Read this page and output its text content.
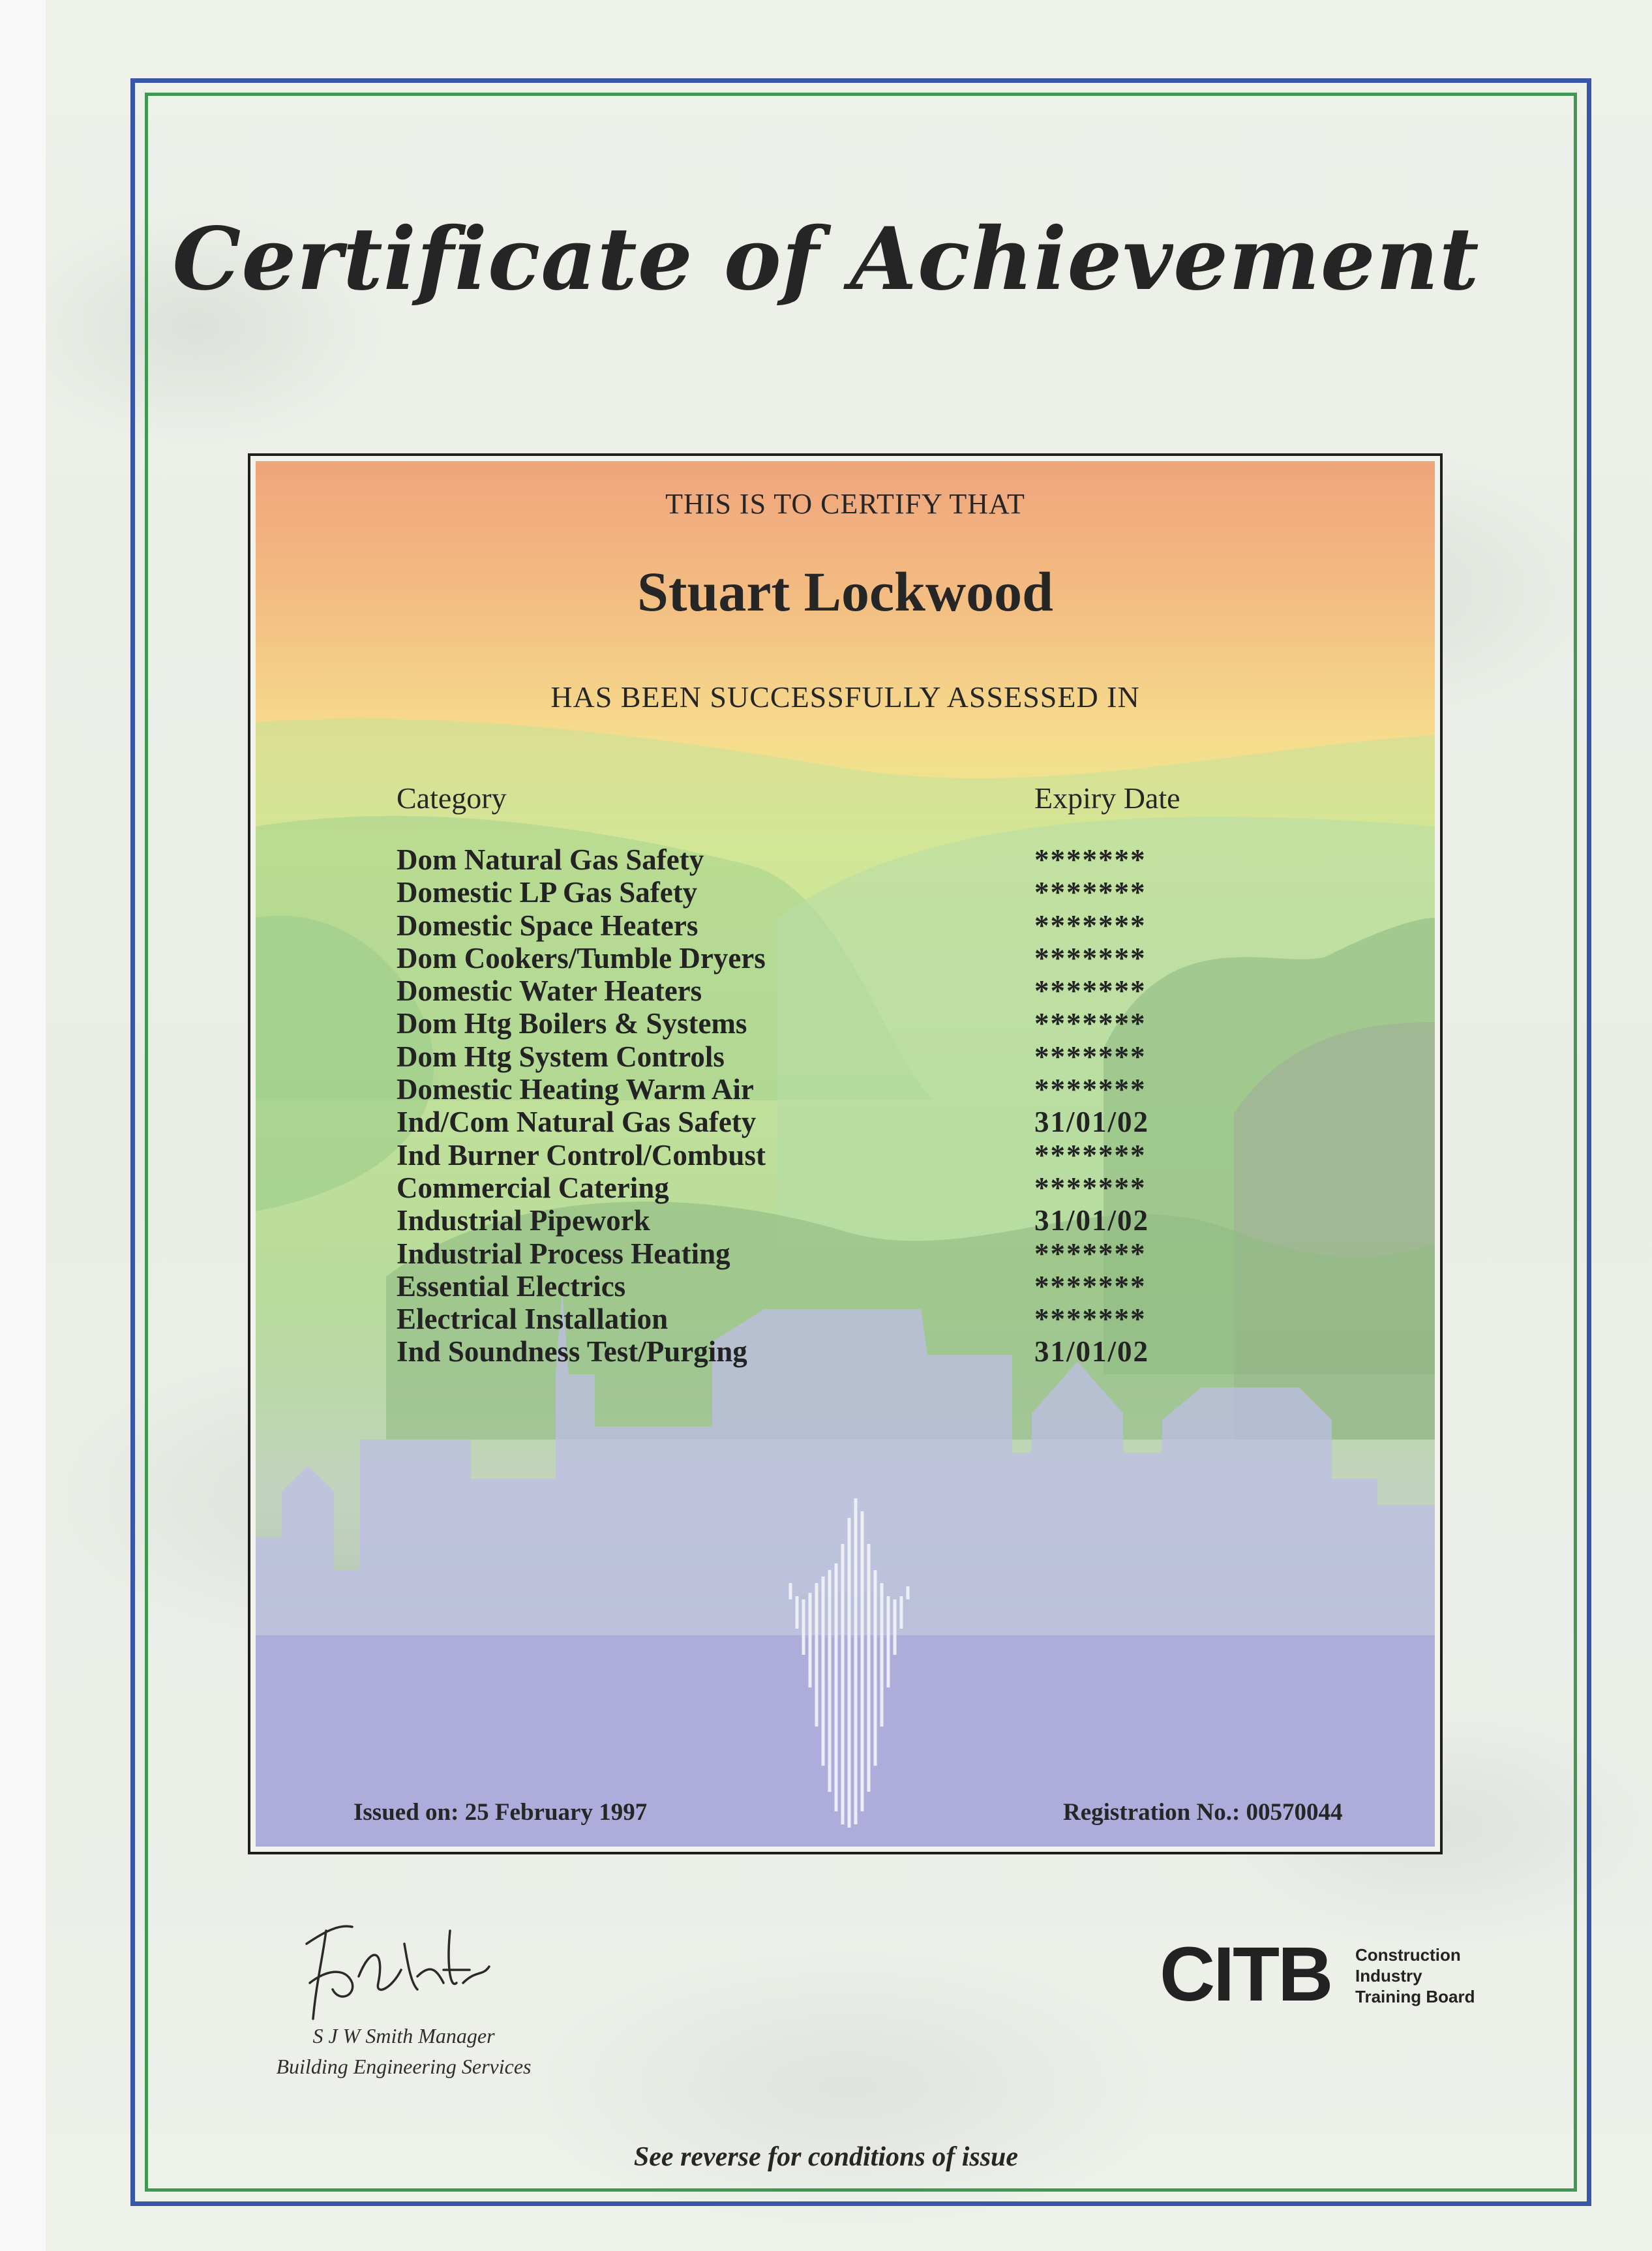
Certificate of Achievement
THIS IS TO CERTIFY THAT
Stuart Lockwood
HAS BEEN SUCCESSFULLY ASSESSED IN
Category	Expiry Date
Dom Natural Gas Safety	*******
Domestic LP Gas Safety	*******
Domestic Space Heaters	*******
Dom Cookers/Tumble Dryers	*******
Domestic Water Heaters	*******
Dom Htg Boilers & Systems	*******
Dom Htg System Controls	*******
Domestic Heating Warm Air	*******
Ind/Com Natural Gas Safety	31/01/02
Ind Burner Control/Combust	*******
Commercial Catering	*******
Industrial Pipework	31/01/02
Industrial Process Heating	*******
Essential Electrics	*******
Electrical Installation	*******
Ind Soundness Test/Purging	31/01/02
Issued on: 25 February 1997	Registration No.: 00570044
S J W Smith Manager
Building Engineering Services
CITB Construction
Industry
Training Board
See reverse for conditions of issue
